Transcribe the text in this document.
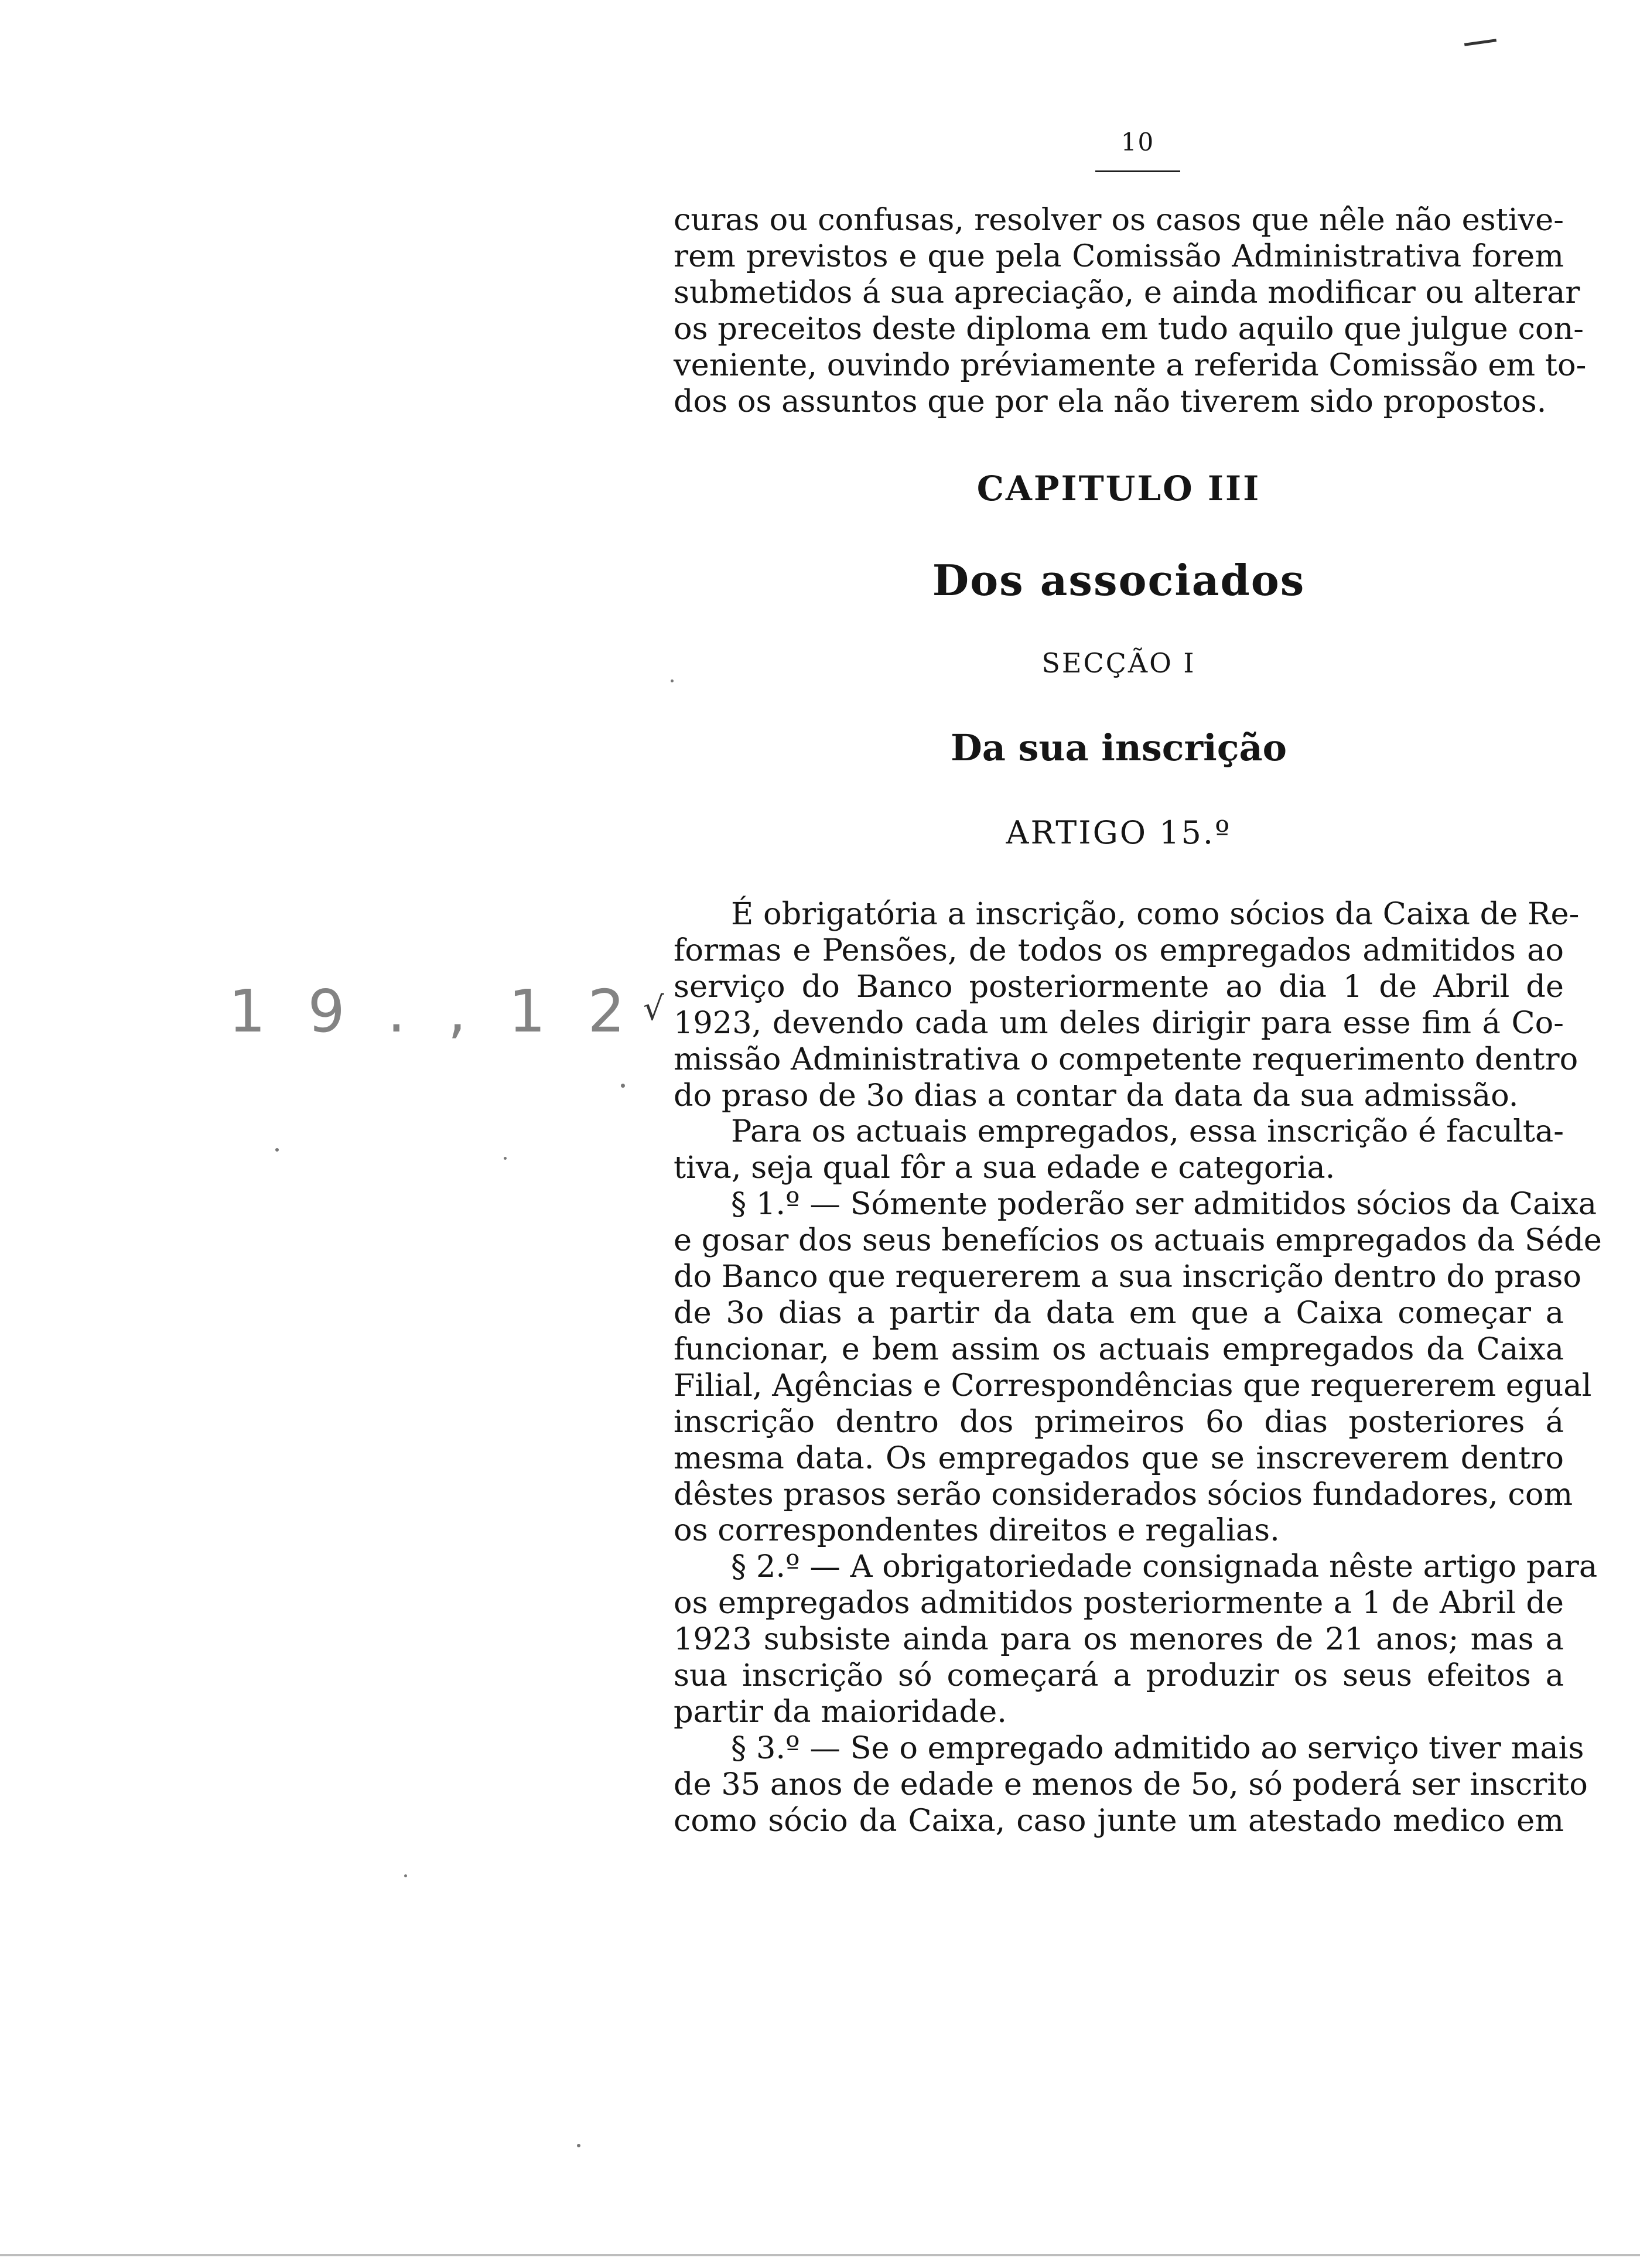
10
curas ou confusas, resolver os casos que nêle não estive-
rem previstos e que pela Comissão Administrativa forem
submetidos á sua apreciação, e ainda modificar ou alterar
os preceitos deste diploma em tudo aquilo que julgue con-
veniente, ouvindo préviamente a referida Comissão em to-
dos os assuntos que por ela não tiverem sido propostos.
CAPITULO III
Dos associados
SECÇÃO I
Da sua inscrição
ARTIGO 15.º
1 9 . , 1 2 √
É obrigatória a inscrição, como sócios da Caixa de Re-
formas e Pensões, de todos os empregados admitidos ao
serviço do Banco posteriormente ao dia 1 de Abril de
1923, devendo cada um deles dirigir para esse fim á Co-
missão Administrativa o competente requerimento dentro
do praso de 3o dias a contar da data da sua admissão.
Para os actuais empregados, essa inscrição é faculta-
tiva, seja qual fôr a sua edade e categoria.
§ 1.º — Sómente poderão ser admitidos sócios da Caixa
e gosar dos seus benefícios os actuais empregados da Séde
do Banco que requererem a sua inscrição dentro do praso
de 3o dias a partir da data em que a Caixa começar a
funcionar, e bem assim os actuais empregados da Caixa
Filial, Agências e Correspondências que requererem egual
inscrição dentro dos primeiros 6o dias posteriores á
mesma data. Os empregados que se inscreverem dentro
dêstes prasos serão considerados sócios fundadores, com
os correspondentes direitos e regalias.
§ 2.º — A obrigatoriedade consignada nêste artigo para
os empregados admitidos posteriormente a 1 de Abril de
1923 subsiste ainda para os menores de 21 anos; mas a
sua inscrição só começará a produzir os seus efeitos a
partir da maioridade.
§ 3.º — Se o empregado admitido ao serviço tiver mais
de 35 anos de edade e menos de 5o, só poderá ser inscrito
como sócio da Caixa, caso junte um atestado medico em
